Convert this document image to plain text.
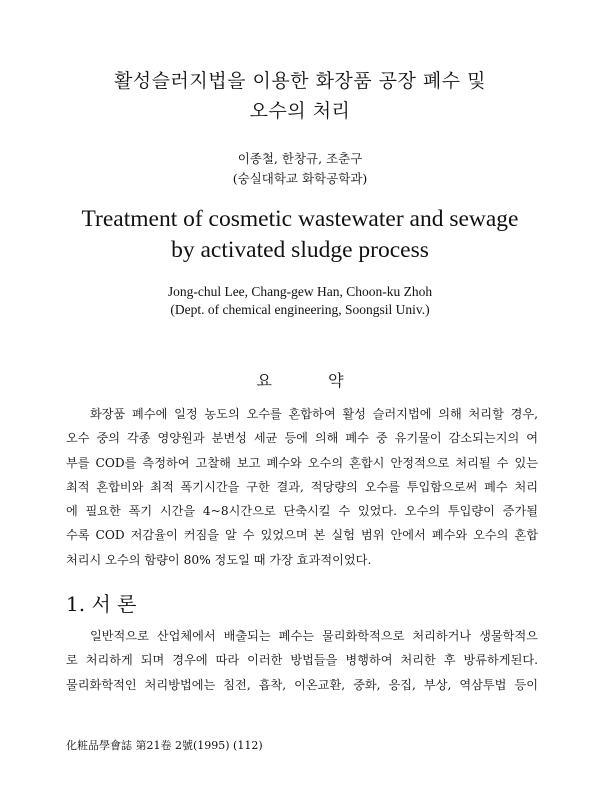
활성슬러지법을 이용한 화장품 공장 폐수 및
오수의 처리
이종철, 한창규, 조춘구
(숭실대학교 화학공학과)
Treatment of cosmetic wastewater and sewage
by activated sludge process
Jong-chul Lee, Chang-gew Han, Choon-ku Zhoh
(Dept. of chemical engineering, Soongsil Univ.)
요	약
화장품 폐수에 일정 농도의 오수를 혼합하여 활성 슬러지법에 의해 처리할 경우,
오수 중의 각종 영양원과 분변성 세균 등에 의해 폐수 중 유기물이 감소되는지의 여
부를 COD를 측정하여 고찰해 보고 폐수와 오수의 혼합시 안정적으로 처리될 수 있는
최적 혼합비와 최적 폭기시간을 구한 결과, 적당량의 오수를 투입함으로써 폐수 처리
에 필요한 폭기 시간을 4~8시간으로 단축시킬 수 있었다. 오수의 투입량이 증가될
수록 COD 저감율이 커짐을 알 수 있었으며 본 실험 범위 안에서 폐수와 오수의 혼합
처리시 오수의 함량이 80% 정도일 때 가장 효과적이었다.
1. 서 론
일반적으로 산업체에서 배출되는 폐수는 물리화학적으로 처리하거나 생물학적으
로 처리하게 되며 경우에 따라 이러한 방법들을 병행하여 처리한 후 방류하게된다.
물리화학적인 처리방법에는 침전, 흡착, 이온교환, 중화, 응집, 부상, 역삼투법 등이
化粧品學會誌 第21卷 2號(1995) (112)
